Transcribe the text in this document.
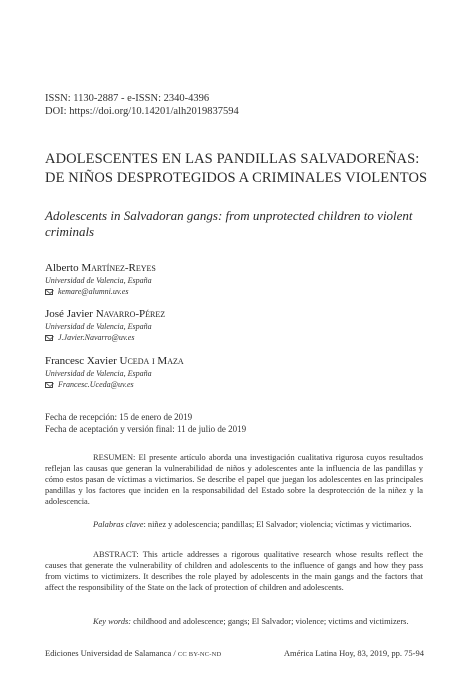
ISSN: 1130-2887 - e-ISSN: 2340-4396
DOI: https://doi.org/10.14201/alh2019837594
ADOLESCENTES EN LAS PANDILLAS SALVADOREÑAS:
DE NIÑOS DESPROTEGIDOS A CRIMINALES VIOLENTOS
Adolescents in Salvadoran gangs: from unprotected children to violent criminals
Alberto Martínez-Reyes
Universidad de Valencia, España
kemare@alumni.uv.es
José Javier Navarro-Pérez
Universidad de Valencia, España
J.Javier.Navarro@uv.es
Francesc Xavier Uceda i Maza
Universidad de Valencia, España
Francesc.Uceda@uv.es
Fecha de recepción: 15 de enero de 2019
Fecha de aceptación y versión final: 11 de julio de 2019
RESUMEN: El presente artículo aborda una investigación cualitativa rigurosa cuyos resultados reflejan las causas que generan la vulnerabilidad de niños y adolescentes ante la influencia de las pandillas y cómo estos pasan de víctimas a victimarios. Se describe el papel que juegan los adolescentes en las principales pandillas y los factores que inciden en la responsabilidad del Estado sobre la desprotección de la niñez y la adolescencia.
Palabras clave: niñez y adolescencia; pandillas; El Salvador; violencia; víctimas y victimarios.
ABSTRACT: This article addresses a rigorous qualitative research whose results reflect the causes that generate the vulnerability of children and adolescents to the influence of gangs and how they pass from victims to victimizers. It describes the role played by adolescents in the main gangs and the factors that affect the responsibility of the State on the lack of protection of children and adolescents.
Key words: childhood and adolescence; gangs; El Salvador; violence; victims and victimizers.
Ediciones Universidad de Salamanca / CC BY-NC-ND	América Latina Hoy, 83, 2019, pp. 75-94
